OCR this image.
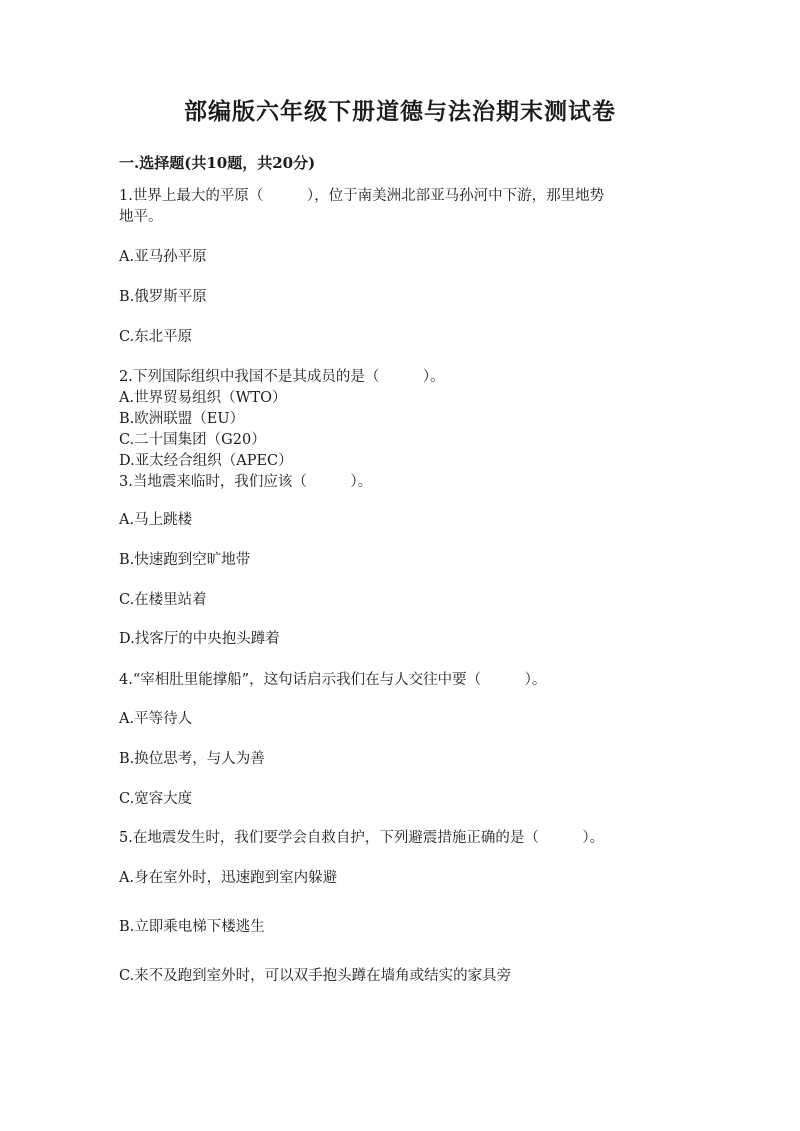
部编版六年级下册道德与法治期末测试卷
一.选择题(共10题，共20分)
1.世界上最大的平原（　　　），位于南美洲北部亚马孙河中下游，那里地势
地平。
A.亚马孙平原
B.俄罗斯平原
C.东北平原
2.下列国际组织中我国不是其成员的是（　　　）。
A.世界贸易组织（WTO）
B.欧洲联盟（EU）
C.二十国集团（G20）
D.亚太经合组织（APEC）
3.当地震来临时，我们应该（　　　）。
A.马上跳楼
B.快速跑到空旷地带
C.在楼里站着
D.找客厅的中央抱头蹲着
4.“宰相肚里能撑船”，这句话启示我们在与人交往中要（　　　）。
A.平等待人
B.换位思考，与人为善
C.宽容大度
5.在地震发生时，我们要学会自救自护，下列避震措施正确的是（　　　）。
A.身在室外时，迅速跑到室内躲避
B.立即乘电梯下楼逃生
C.来不及跑到室外时，可以双手抱头蹲在墙角或结实的家具旁
